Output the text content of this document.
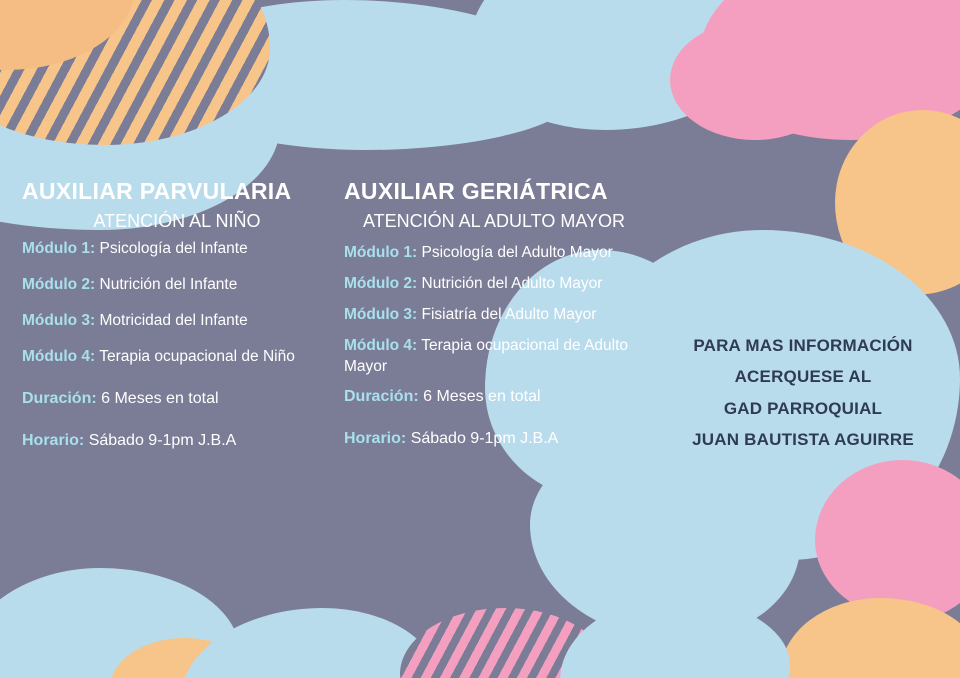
AUXILIAR PARVULARIA
ATENCIÓN AL NIÑO
Módulo 1: Psicología del Infante
Módulo 2: Nutrición del Infante
Módulo 3: Motricidad del Infante
Módulo 4: Terapia ocupacional de Niño
Duración: 6 Meses en total
Horario: Sábado 9-1pm J.B.A
AUXILIAR GERIÁTRICA
ATENCIÓN AL ADULTO MAYOR
Módulo 1: Psicología del Adulto Mayor
Módulo 2: Nutrición del Adulto Mayor
Módulo 3: Fisiatría del Adulto Mayor
Módulo 4: Terapia ocupacional de Adulto Mayor
Duración: 6 Meses en total
Horario: Sábado 9-1pm J.B.A
PARA MAS INFORMACIÓN
ACERQUESE AL
GAD PARROQUIAL
JUAN BAUTISTA AGUIRRE
